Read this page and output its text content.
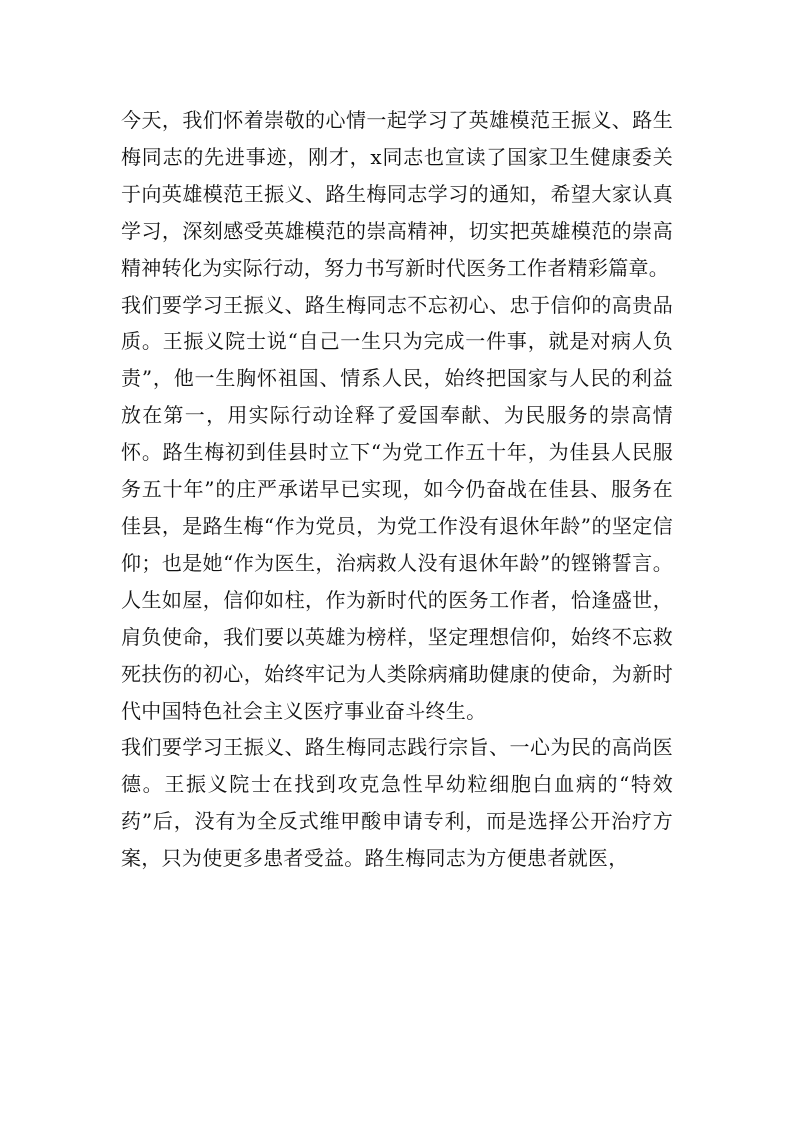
今天，我们怀着崇敬的心情一起学习了英雄模范王振义、路生梅同志的先进事迹，刚才，x同志也宣读了国家卫生健康委关于向英雄模范王振义、路生梅同志学习的通知，希望大家认真学习，深刻感受英雄模范的崇高精神，切实把英雄模范的崇高精神转化为实际行动，努力书写新时代医务工作者精彩篇章。

我们要学习王振义、路生梅同志不忘初心、忠于信仰的高贵品质。王振义院士说“自己一生只为完成一件事，就是对病人负责”，他一生胸怀祖国、情系人民，始终把国家与人民的利益放在第一，用实际行动诠释了爱国奉献、为民服务的崇高情怀。路生梅初到佳县时立下“为党工作五十年，为佳县人民服务五十年”的庄严承诺早已实现，如今仍奋战在佳县、服务在佳县，是路生梅“作为党员，为党工作没有退休年龄”的坚定信仰；也是她“作为医生，治病救人没有退休年龄”的铿锵誓言。人生如屋，信仰如柱，作为新时代的医务工作者，恰逢盛世，肩负使命，我们要以英雄为榜样，坚定理想信仰，始终不忘救死扶伤的初心，始终牢记为人类除病痛助健康的使命，为新时代中国特色社会主义医疗事业奋斗终生。

我们要学习王振义、路生梅同志践行宗旨、一心为民的高尚医德。王振义院士在找到攻克急性早幼粒细胞白血病的“特效药”后，没有为全反式维甲酸申请专利，而是选择公开治疗方案，只为使更多患者受益。路生梅同志为方便患者就医，
